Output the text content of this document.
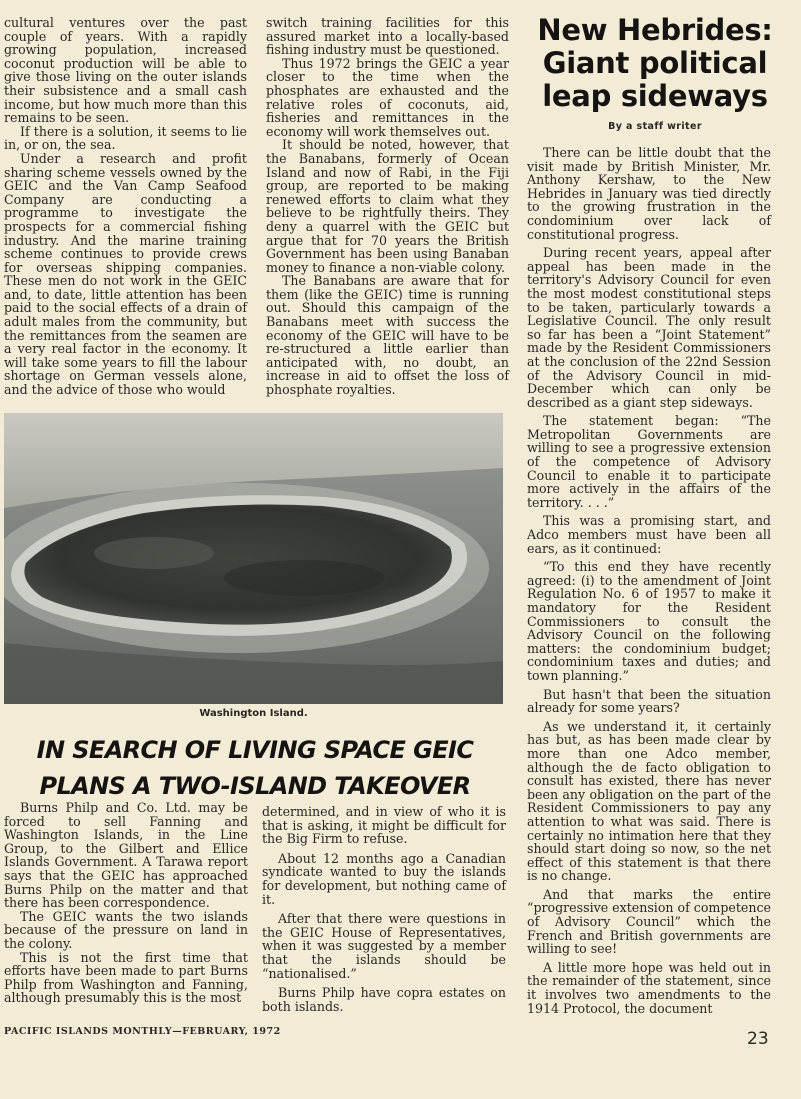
cultural ventures over the past couple of years. With a rapidly growing population, increased coconut production will be able to give those living on the outer islands their subsistence and a small cash income, but how much more than this remains to be seen.

If there is a solution, it seems to lie in, or on, the sea.

Under a research and profit sharing scheme vessels owned by the GEIC and the Van Camp Seafood Company are conducting a programme to investigate the prospects for a commercial fishing industry. And the marine training scheme continues to provide crews for overseas shipping companies. These men do not work in the GEIC and, to date, little attention has been paid to the social effects of a drain of adult males from the community, but the remittances from the seamen are a very real factor in the economy. It will take some years to fill the labour shortage on German vessels alone, and the advice of those who would

switch training facilities for this assured market into a locally-based fishing industry must be questioned.

Thus 1972 brings the GEIC a year closer to the time when the phosphates are exhausted and the relative roles of coconuts, aid, fisheries and remittances in the economy will work themselves out.

It should be noted, however, that the Banabans, formerly of Ocean Island and now of Rabi, in the Fiji group, are reported to be making renewed efforts to claim what they believe to be rightfully theirs. They deny a quarrel with the GEIC but argue that for 70 years the British Government has been using Banaban money to finance a non-viable colony.

The Banabans are aware that for them (like the GEIC) time is running out. Should this campaign of the Banabans meet with success the economy of the GEIC will have to be re-structured a little earlier than anticipated with, no doubt, an increase in aid to offset the loss of phosphate royalties.

New Hebrides: Giant political leap sideways
By a staff writer

There can be little doubt that the visit made by British Minister, Mr. Anthony Kershaw, to the New Hebrides in January was tied directly to the growing frustration in the condominium over lack of constitutional progress.

During recent years, appeal after appeal has been made in the territory's Advisory Council for even the most modest constitutional steps to be taken, particularly towards a Legislative Council. The only result so far has been a “Joint Statement” made by the Resident Commissioners at the conclusion of the 22nd Session of the Advisory Council in mid-December which can only be described as a giant step sideways.

The statement began: “The Metropolitan Governments are willing to see a progressive extension of the competence of Advisory Council to enable it to participate more actively in the affairs of the territory. . . .”

This was a promising start, and Adco members must have been all ears, as it continued:

“To this end they have recently agreed: (i) to the amendment of Joint Regulation No. 6 of 1957 to make it mandatory for the Resident Commissioners to consult the Advisory Council on the following matters: the condominium budget; condominium taxes and duties; and town planning.”

But hasn't that been the situation already for some years?

As we understand it, it certainly has but, as has been made clear by more than one Adco member, although the de facto obligation to consult has existed, there has never been any obligation on the part of the Resident Commissioners to pay any attention to what was said. There is certainly no intimation here that they should start doing so now, so the net effect of this statement is that there is no change.

And that marks the entire “progressive extension of competence of Advisory Council” which the French and British governments are willing to see!

A little more hope was held out in the remainder of the statement, since it involves two amendments to the 1914 Protocol, the document

Washington Island.
IN SEARCH OF LIVING SPACE GEIC PLANS A TWO-ISLAND TAKEOVER

Burns Philp and Co. Ltd. may be forced to sell Fanning and Washington Islands, in the Line Group, to the Gilbert and Ellice Islands Government. A Tarawa report says that the GEIC has approached Burns Philp on the matter and that there has been correspondence.

The GEIC wants the two islands because of the pressure on land in the colony.

This is not the first time that efforts have been made to part Burns Philp from Washington and Fanning, although presumably this is the most

determined, and in view of who it is that is asking, it might be difficult for the Big Firm to refuse.

About 12 months ago a Canadian syndicate wanted to buy the islands for development, but nothing came of it.

After that there were questions in the GEIC House of Representatives, when it was suggested by a member that the islands should be “nationalised.”

Burns Philp have copra estates on both islands.

PACIFIC ISLANDS MONTHLY—FEBRUARY, 1972	23
